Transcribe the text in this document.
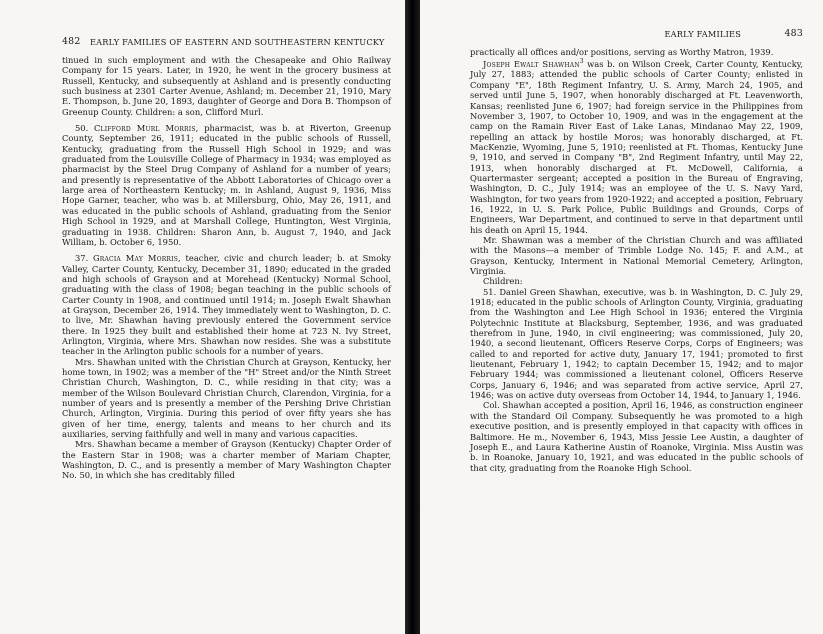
482 EARLY FAMILIES OF EASTERN AND SOUTHEASTERN KENTUCKY

tinued in such employment and with the Chesapeake and Ohio Railway Company for 15 years. Later, in 1920, he went in the grocery business at Russell, Kentucky, and subsequently at Ashland and is presently conducting such business at 2301 Carter Avenue, Ashland; m. December 21, 1910, Mary E. Thompson, b. June 20, 1893, daughter of George and Dora B. Thompson of Greenup County. Children: a son, Clifford Murl.

50. Clifford Murl Morris, pharmacist, was b. at Riverton, Greenup County, September 26, 1911; educated in the public schools of Russell, Kentucky, graduating from the Russell High School in 1929; and was graduated from the Louisville College of Pharmacy in 1934; was employed as pharmacist by the Steel Drug Company of Ashland for a number of years; and presently is representative of the Abbott Laboratories of Chicago over a large area of Northeastern Kentucky; m. in Ashland, August 9, 1936, Miss Hope Garner, teacher, who was b. at Millersburg, Ohio, May 26, 1911, and was educated in the public schools of Ashland, graduating from the Senior High School in 1929, and at Marshall College, Huntington, West Virginia, graduating in 1938. Children: Sharon Ann, b. August 7, 1940, and Jack William, b. October 6, 1950.

37. Gracia May Morris, teacher, civic and church leader; b. at Smoky Valley, Carter County, Kentucky, December 31, 1890; educated in the graded and high schools of Grayson and at Morehead (Kentucky) Normal School, graduating with the class of 1908; began teaching in the public schools of Carter County in 1908, and continued until 1914; m. Joseph Ewalt Shawhan at Grayson, December 26, 1914. They immediately went to Washington, D. C. to live, Mr. Shawhan having previously entered the Government service there. In 1925 they built and established their home at 723 N. Ivy Street, Arlington, Virginia, where Mrs. Shawhan now resides. She was a substitute teacher in the Arlington public schools for a number of years.

Mrs. Shawhan united with the Christian Church at Grayson, Kentucky, her home town, in 1902; was a member of the "H" Street and/or the Ninth Street Christian Church, Washington, D. C., while residing in that city; was a member of the Wilson Boulevard Christian Church, Clarendon, Virginia, for a number of years and is presently a member of the Pershing Drive Christian Church, Arlington, Virginia. During this period of over fifty years she has given of her time, energy, talents and means to her church and its auxiliaries, serving faithfully and well in many and various capacities.

Mrs. Shawhan became a member of Grayson (Kentucky) Chapter Order of the Eastern Star in 1908; was a charter member of Mariam Chapter, Washington, D. C., and is presently a member of Mary Washington Chapter No. 50, in which she has creditably filled

EARLY FAMILIES	483

practically all offices and/or positions, serving as Worthy Matron, 1939.

Joseph Ewalt Shawhan$^3$ was b. on Wilson Creek, Carter County, Kentucky, July 27, 1883; attended the public schools of Carter County; enlisted in Company "E", 18th Regiment Infantry, U. S. Army, March 24, 1905, and served until June 5, 1907, when honorably discharged at Ft. Leavenworth, Kansas; reenlisted June 6, 1907; had foreign service in the Philippines from November 3, 1907, to October 10, 1909, and was in the engagement at the camp on the Ramain River East of Lake Lanas, Mindanao May 22, 1909, repelling an attack by hostile Moros; was honorably discharged, at Ft. MacKenzie, Wyoming, June 5, 1910; reenlisted at Ft. Thomas, Kentucky June 9, 1910, and served in Company "B", 2nd Regiment Infantry, until May 22, 1913, when honorably discharged at Ft. McDowell, California, a Quartermaster sergeant; accepted a position in the Bureau of Engraving, Washington, D. C., July 1914; was an employee of the U. S. Navy Yard, Washington, for two years from 1920-1922; and accepted a position, February 16, 1922, in U. S. Park Police, Public Buildings and Grounds, Corps of Engineers, War Department, and continued to serve in that department until his death on April 15, 1944.

Mr. Shawman was a member of the Christian Church and was affiliated with the Masons—a member of Trimble Lodge No. 145; F. and A.M., at Grayson, Kentucky, Interment in National Memorial Cemetery, Arlington, Virginia.

Children:

51. Daniel Green Shawhan, executive, was b. in Washington, D. C. July 29, 1918; educated in the public schools of Arlington County, Virginia, graduating from the Washington and Lee High School in 1936; entered the Virginia Polytechnic Institute at Blacksburg, September, 1936, and was graduated therefrom in June, 1940, in civil engineering; was commissioned, July 20, 1940, a second lieutenant, Officers Reserve Corps, Corps of Engineers; was called to and reported for active duty, January 17, 1941; promoted to first lieutenant, February 1, 1942; to captain December 15, 1942; and to major February 1944; was commissioned a lieutenant colonel, Officers Reserve Corps, January 6, 1946; and was separated from active service, April 27, 1946; was on active duty overseas from October 14, 1944, to January 1, 1946.

Col. Shawhan accepted a position, April 16, 1946, as construction engineer with the Standard Oil Company. Subsequently he was promoted to a high executive position, and is presently employed in that capacity with offices in Baltimore. He m., November 6, 1943, Miss Jessie Lee Austin, a daughter of Joseph E., and Laura Katherine Austin of Roanoke, Virginia. Miss Austin was b. in Roanoke, January 10, 1921, and was educated in the public schools of that city, graduating from the Roanoke High School.
